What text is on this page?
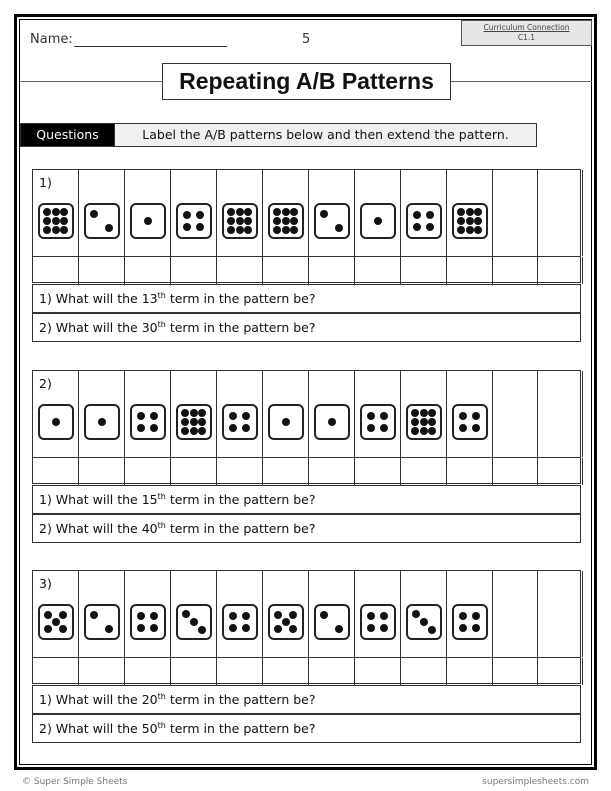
Name:	5
Curriculum Connection
C1.1
Repeating A/B Patterns
Questions	Label the A/B patterns below and then extend the pattern.
1)
1) What will the 13th term in the pattern be?
2) What will the 30th term in the pattern be?
2)
1) What will the 15th term in the pattern be?
2) What will the 40th term in the pattern be?
3)
1) What will the 20th term in the pattern be?
2) What will the 50th term in the pattern be?
© Super Simple Sheets	supersimplesheets.com
